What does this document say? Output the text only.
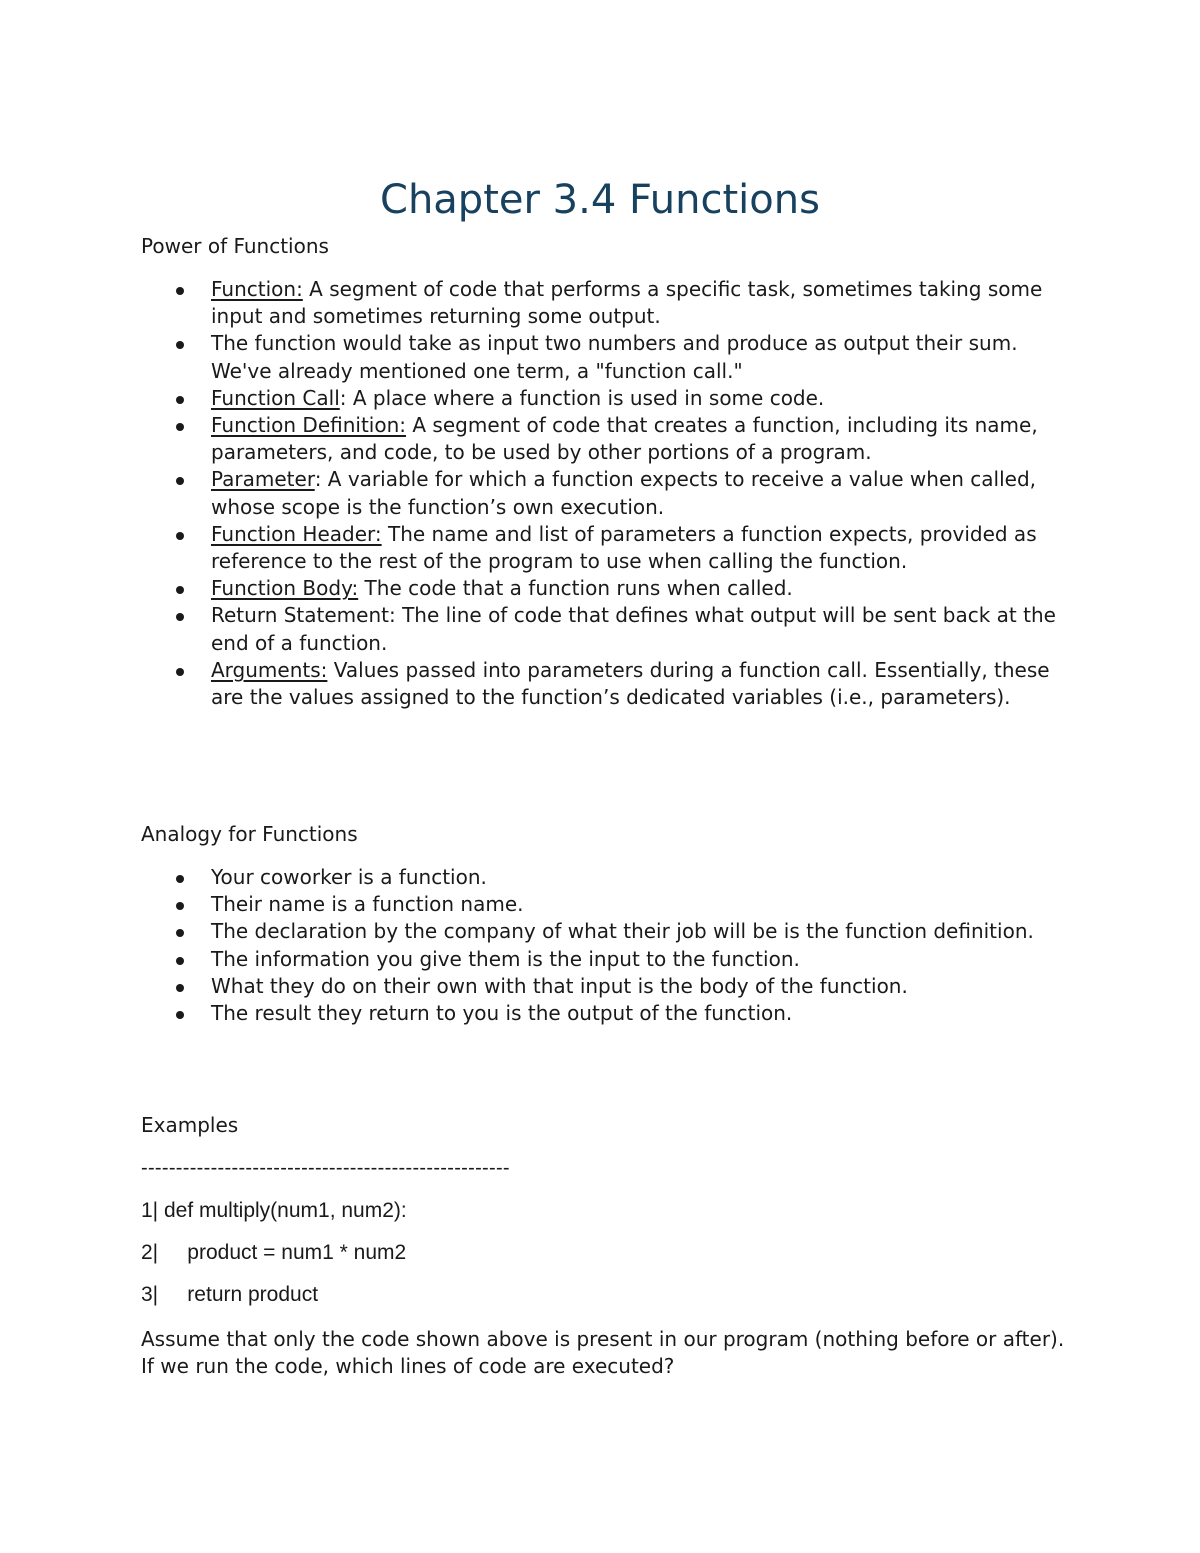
Chapter 3.4 Functions
Power of Functions
Function: A segment of code that performs a specific task, sometimes taking some input and sometimes returning some output.
The function would take as input two numbers and produce as output their sum. We've already mentioned one term, a "function call."
Function Call: A place where a function is used in some code.
Function Definition: A segment of code that creates a function, including its name, parameters, and code, to be used by other portions of a program.
Parameter: A variable for which a function expects to receive a value when called, whose scope is the function’s own execution.
Function Header: The name and list of parameters a function expects, provided as reference to the rest of the program to use when calling the function.
Function Body: The code that a function runs when called.
Return Statement: The line of code that defines what output will be sent back at the end of a function.
Arguments: Values passed into parameters during a function call. Essentially, these are the values assigned to the function’s dedicated variables (i.e., parameters).
Analogy for Functions
Your coworker is a function.
Their name is a function name.
The declaration by the company of what their job will be is the function definition.
The information you give them is the input to the function.
What they do on their own with that input is the body of the function.
The result they return to you is the output of the function.
Examples

-----------------------------------------------------

1| def multiply(num1, num2):

2|     product = num1 * num2

3|     return product

Assume that only the code shown above is present in our program (nothing before or after). If we run the code, which lines of code are executed?
